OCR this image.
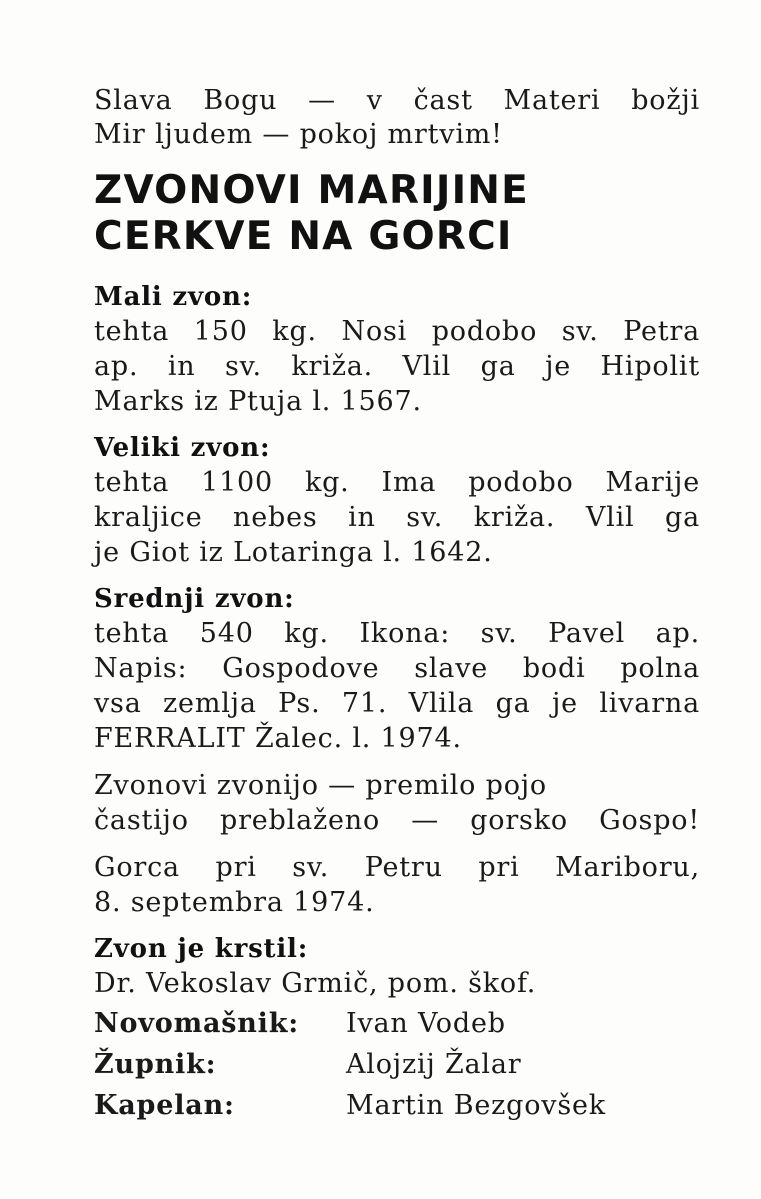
Slava Bogu — v čast Materi božji
Mir ljudem — pokoj mrtvim!
ZVONOVI MARIJINE
CERKVE NA GORCI
Mali zvon:
tehta 150 kg. Nosi podobo sv. Petra
ap. in sv. križa. Vlil ga je Hipolit
Marks iz Ptuja l. 1567.
Veliki zvon:
tehta 1100 kg. Ima podobo Marije
kraljice nebes in sv. križa. Vlil ga
je Giot iz Lotaringa l. 1642.
Srednji zvon:
tehta 540 kg. Ikona: sv. Pavel ap.
Napis: Gospodove slave bodi polna
vsa zemlja Ps. 71. Vlila ga je livarna
FERRALIT Žalec. l. 1974.
Zvonovi zvonijo — premilo pojo
častijo preblaženo — gorsko Gospo!
Gorca pri sv. Petru pri Mariboru,
8. septembra 1974.
Zvon je krstil:
Dr. Vekoslav Grmič, pom. škof.
Novomašnik:	Ivan Vodeb
Župnik:	Alojzij Žalar
Kapelan:	Martin Bezgovšek
